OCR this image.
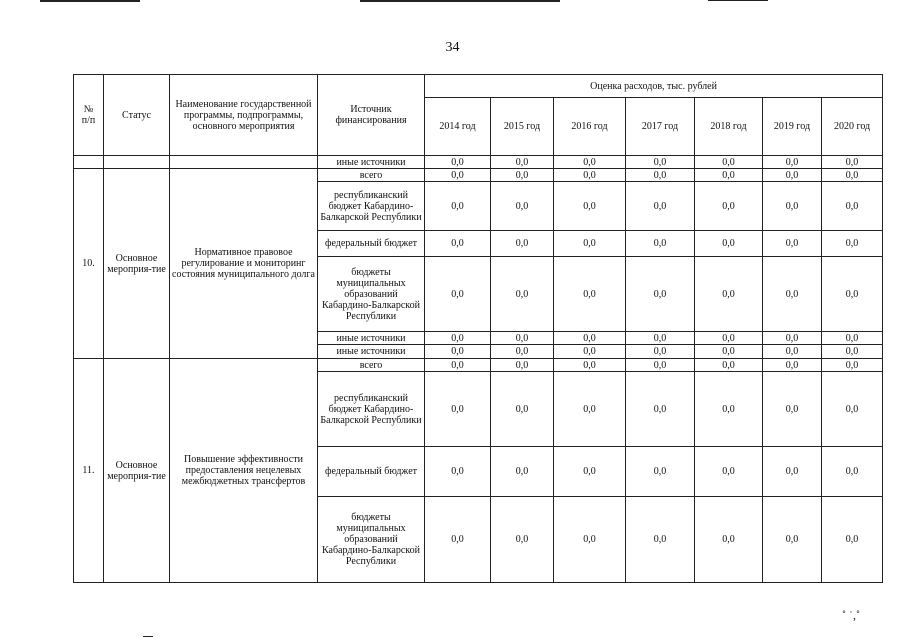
34
№
п/п	Статус	Наименование государственной программы, подпрограммы, основного мероприятия	Источник финансирования	Оценка расходов, тыс. рублей						
				2014 год	2015 год	2016 год	2017 год	2018 год	2019 год	2020 год
			иные источники	0,0	0,0	0,0	0,0	0,0	0,0	0,0
10.	Основное мероприя-тие	Нормативное правовое регулирование и мониторинг состояния муниципального долга	всего	0,0	0,0	0,0	0,0	0,0	0,0	0,0
			республиканский бюджет Кабардино-Балкарской Республики	0,0	0,0	0,0	0,0	0,0	0,0	0,0
			федеральный бюджет	0,0	0,0	0,0	0,0	0,0	0,0	0,0
			бюджеты муниципальных образований Кабардино-Балкарской Республики	0,0	0,0	0,0	0,0	0,0	0,0	0,0
			иные источники	0,0	0,0	0,0	0,0	0,0	0,0	0,0
			иные источники	0,0	0,0	0,0	0,0	0,0	0,0	0,0
11.	Основное мероприя-тие	Повышение эффективности предоставления нецелевых межбюджетных трансфертов	всего	0,0	0,0	0,0	0,0	0,0	0,0	0,0
			республиканский бюджет Кабардино-Балкарской Республики	0,0	0,0	0,0	0,0	0,0	0,0	0,0
			федеральный бюджет	0,0	0,0	0,0	0,0	0,0	0,0	0,0
			бюджеты муниципальных образований Кабардино-Балкарской Республики	0,0	0,0	0,0	0,0	0,0	0,0	0,0
˚ ˙,˚
